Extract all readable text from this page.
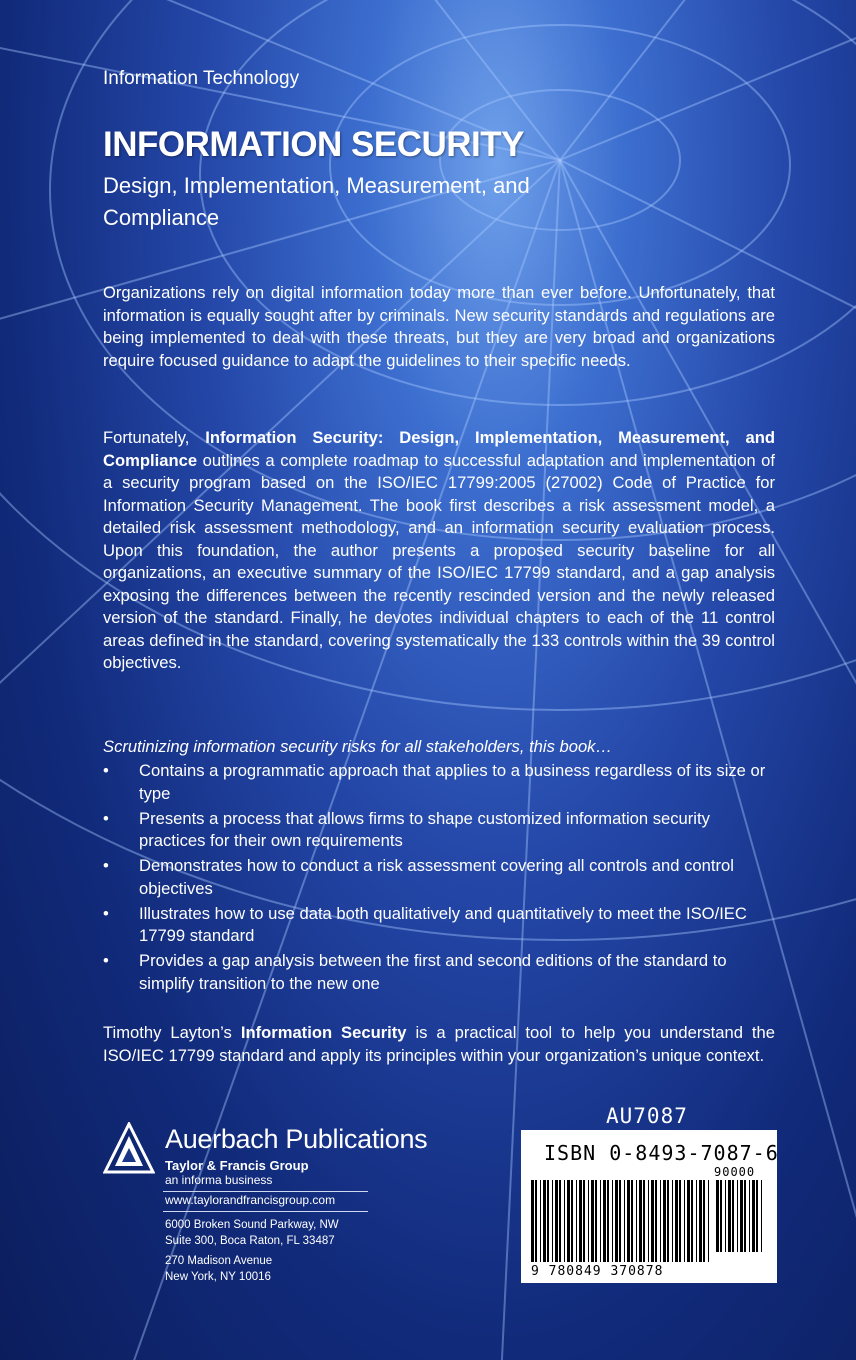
Information Technology
INFORMATION SECURITY
Design, Implementation, Measurement, and Compliance
Organizations rely on digital information today more than ever before. Unfortunately, that information is equally sought after by criminals. New security standards and regulations are being implemented to deal with these threats, but they are very broad and organizations require focused guidance to adapt the guidelines to their specific needs.
Fortunately, Information Security: Design, Implementation, Measurement, and Compliance outlines a complete roadmap to successful adaptation and implementation of a security program based on the ISO/IEC 17799:2005 (27002) Code of Practice for Information Security Management. The book first describes a risk assessment model, a detailed risk assessment methodology, and an information security evaluation process. Upon this foundation, the author presents a proposed security baseline for all organizations, an executive summary of the ISO/IEC 17799 standard, and a gap analysis exposing the differences between the recently rescinded version and the newly released version of the standard. Finally, he devotes individual chapters to each of the 11 control areas defined in the standard, covering systematically the 133 controls within the 39 control objectives.
Scrutinizing information security risks for all stakeholders, this book…
• Contains a programmatic approach that applies to a business regardless of its size or type
• Presents a process that allows firms to shape customized information security practices for their own requirements
• Demonstrates how to conduct a risk assessment covering all controls and control objectives
• Illustrates how to use data both qualitatively and quantitatively to meet the ISO/IEC 17799 standard
• Provides a gap analysis between the first and second editions of the standard to simplify transition to the new one
Timothy Layton’s Information Security is a practical tool to help you understand the ISO/IEC 17799 standard and apply its principles within your organization’s unique context.
Auerbach Publications
Taylor & Francis Group
an informa business
www.taylorandfrancisgroup.com
6000 Broken Sound Parkway, NW
Suite 300, Boca Raton, FL 33487
270 Madison Avenue
New York, NY 10016
AU7087
ISBN 0-8493-7087-6
90000
9 780849 370878
